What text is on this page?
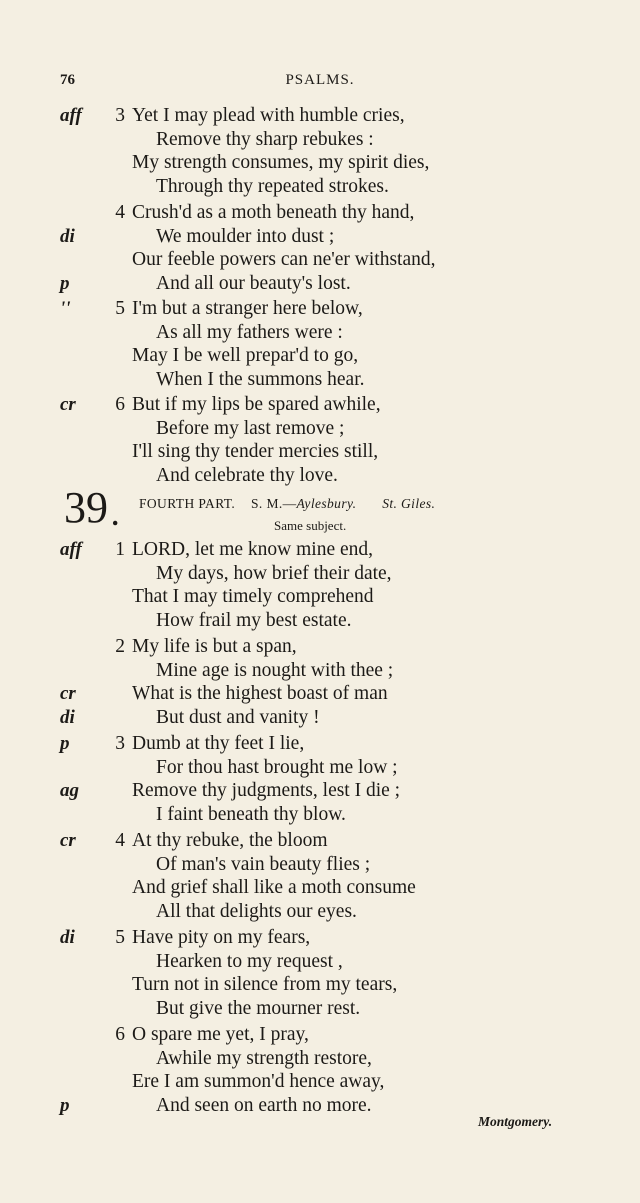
76	PSALMS.
aff	3 Yet I may plead with humble cries,
Remove thy sharp rebukes :
My strength consumes, my spirit dies,
Through thy repeated strokes.
4 Crush'd as a moth beneath thy hand,
di	We moulder into dust ;
Our feeble powers can ne'er withstand,
p	And all our beauty's lost.
''	5 I'm but a stranger here below,
As all my fathers were :
May I be well prepar'd to go,
When I the summons hear.
cr	6 But if my lips be spared awhile,
Before my last remove ;
I'll sing thy tender mercies still,
And celebrate thy love.
39 . FOURTH PART. S. M.—Aylesbury. St. Giles.
Same subject.
aff	1 LORD, let me know mine end,
My days, how brief their date,
That I may timely comprehend
How frail my best estate.
2 My life is but a span,
Mine age is nought with thee ;
cr	What is the highest boast of man
di	But dust and vanity !
p	3 Dumb at thy feet I lie,
For thou hast brought me low ;
ag	Remove thy judgments, lest I die ;
I faint beneath thy blow.
cr	4 At thy rebuke, the bloom
Of man's vain beauty flies ;
And grief shall like a moth consume
All that delights our eyes.
di	5 Have pity on my fears,
Hearken to my request ,
Turn not in silence from my tears,
But give the mourner rest.
6 O spare me yet, I pray,
Awhile my strength restore,
Ere I am summon'd hence away,
p	And seen on earth no more.
Montgomery.
